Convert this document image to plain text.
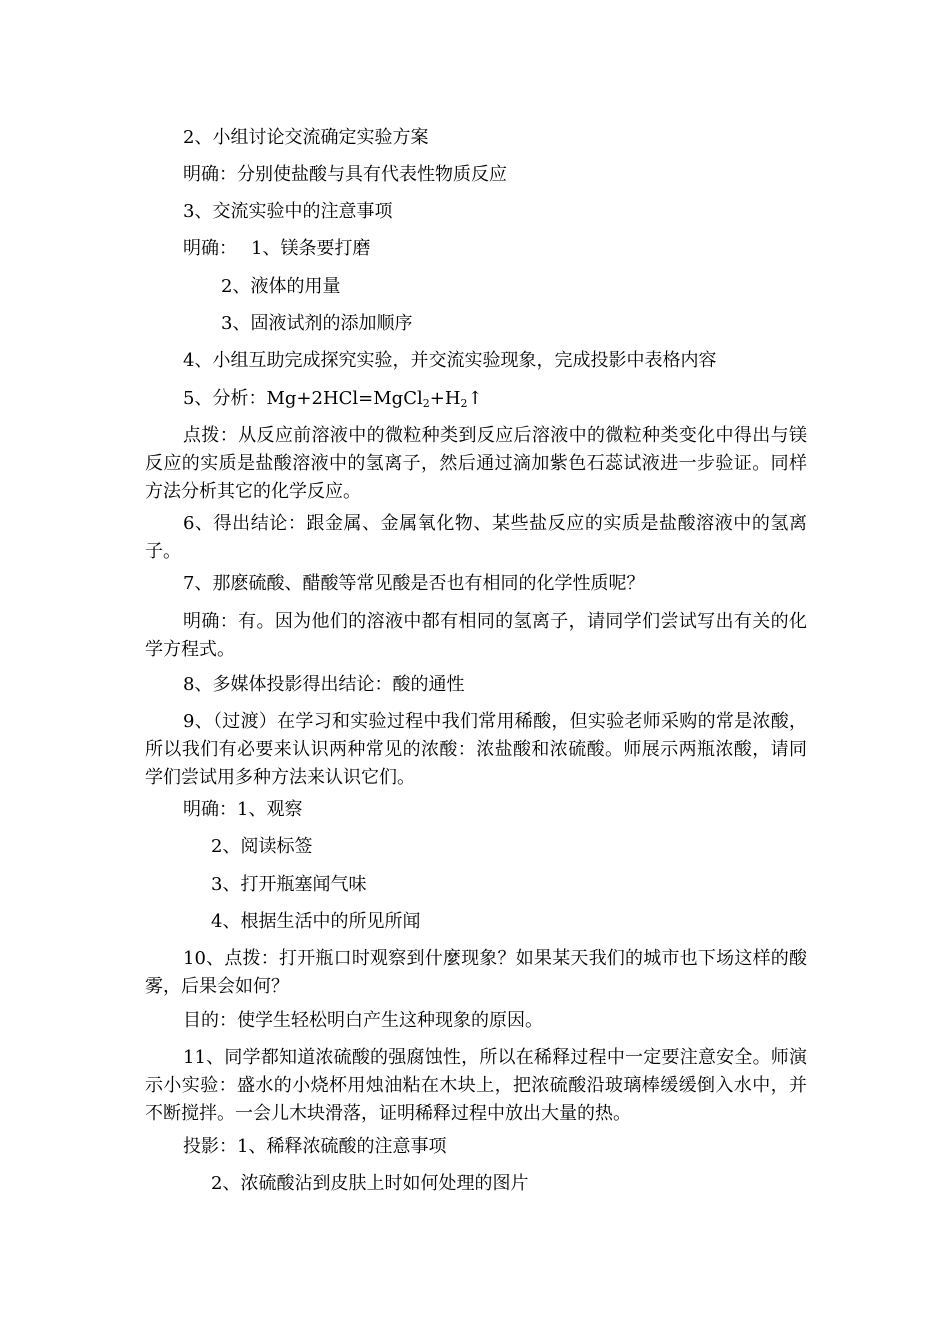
2、小组讨论交流确定实验方案
明确：分别使盐酸与具有代表性物质反应
3、交流实验中的注意事项
明确： 1、镁条要打磨
2、液体的用量
3、固液试剂的添加顺序
4、小组互助完成探究实验，并交流实验现象，完成投影中表格内容
5、分析：$Mg+2HCl=MgCl_2+H_2↑$
点拨：从反应前溶液中的微粒种类到反应后溶液中的微粒种类变化中得出与镁反应的实质是盐酸溶液中的氢离子，然后通过滴加紫色石蕊试液进一步验证。同样方法分析其它的化学反应。
6、得出结论：跟金属、金属氧化物、某些盐反应的实质是盐酸溶液中的氢离子。
7、那麽硫酸、醋酸等常见酸是否也有相同的化学性质呢？
明确：有。因为他们的溶液中都有相同的氢离子，请同学们尝试写出有关的化学方程式。
8、多媒体投影得出结论：酸的通性
9、（过渡）在学习和实验过程中我们常用稀酸，但实验老师采购的常是浓酸，所以我们有必要来认识两种常见的浓酸：浓盐酸和浓硫酸。师展示两瓶浓酸，请同学们尝试用多种方法来认识它们。
明确：1、观察
2、阅读标签
3、打开瓶塞闻气味
4、根据生活中的所见所闻
10、点拨：打开瓶口时观察到什麼现象？如果某天我们的城市也下场这样的酸雾，后果会如何？
目的：使学生轻松明白产生这种现象的原因。
11、同学都知道浓硫酸的强腐蚀性，所以在稀释过程中一定要注意安全。师演示小实验：盛水的小烧杯用烛油粘在木块上，把浓硫酸沿玻璃棒缓缓倒入水中，并不断搅拌。一会儿木块滑落，证明稀释过程中放出大量的热。
投影：1、稀释浓硫酸的注意事项
2、浓硫酸沾到皮肤上时如何处理的图片
